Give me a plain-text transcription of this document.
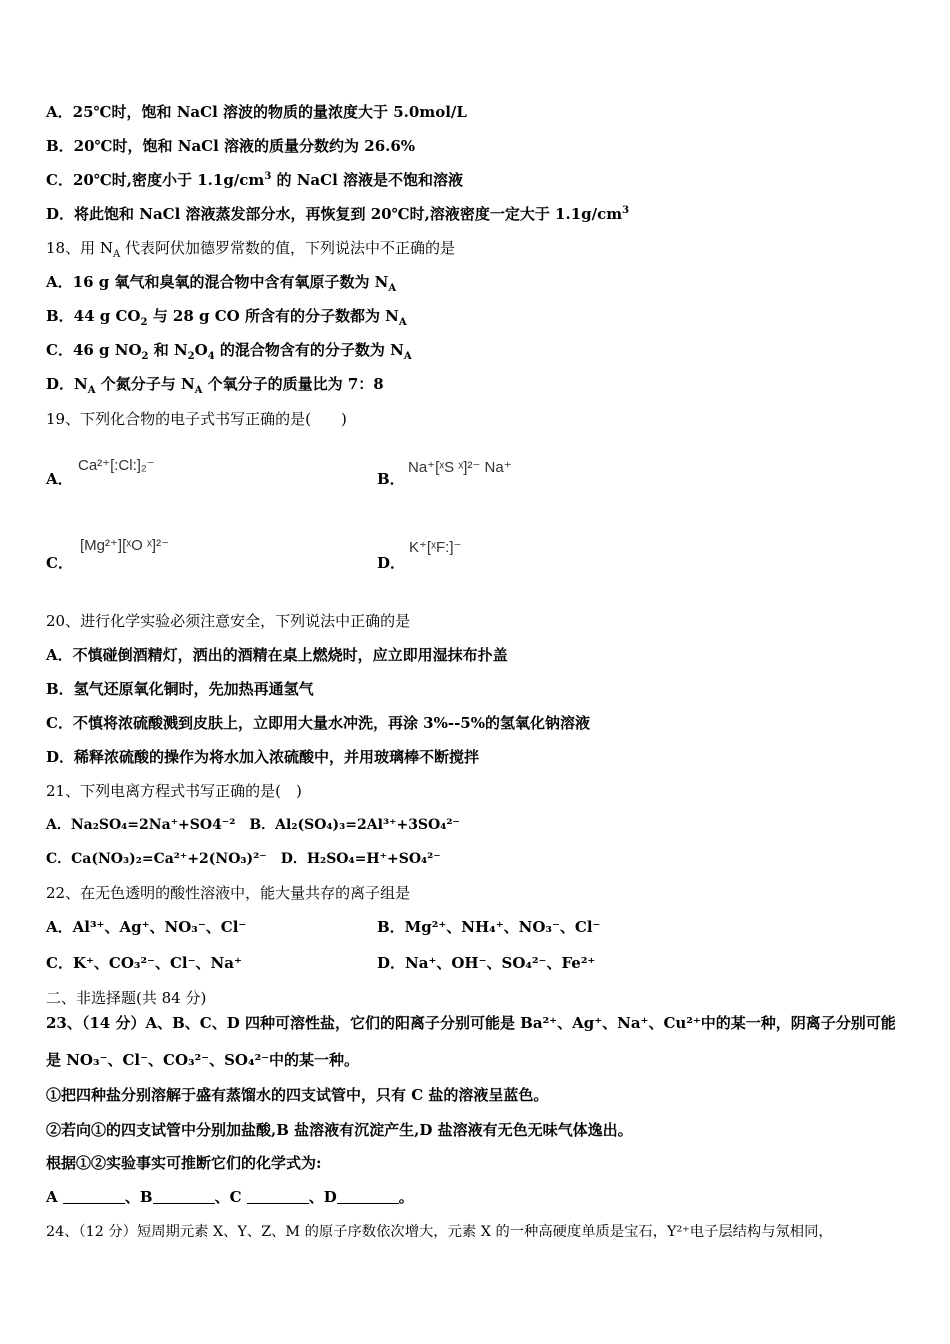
A．25℃时，饱和 NaCl 溶波的物质的量浓度大于 5.0mol/L
B．20℃时，饱和 NaCl 溶液的质量分数约为 26.6%
C．20℃时,密度小于 $1.1g/cm^3$ 的 NaCl 溶液是不饱和溶液
D．将此饱和 NaCl 溶液蒸发部分水，再恢复到 20℃时,溶液密度一定大于 $1.1g/cm^3$
18、用 $N_A$ 代表阿伏加德罗常数的值，下列说法中不正确的是
A．16 g 氧气和臭氧的混合物中含有氧原子数为 $N_A$
B．44 g $CO_2$ 与 28 g CO 所含有的分子数都为 $N_A$
C．46 g $NO_2$ 和 $N_2O_4$ 的混合物含有的分子数为 $N_A$
D．$N_A$ 个氮分子与 $N_A$ 个氧分子的质量比为 7：8
19、下列化合物的电子式书写正确的是(　　)
A．
Ca²⁺[:Cl:]₂⁻
B．
Na⁺[ˣS ˣ]²⁻ Na⁺
C．
[Mg²⁺][ˣO ˣ]²⁻
D．
K⁺[ˣF:]⁻
20、进行化学实验必须注意安全，下列说法中正确的是
A．不慎碰倒酒精灯，洒出的酒精在桌上燃烧时，应立即用湿抹布扑盖
B．氢气还原氧化铜时，先加热再通氢气
C．不慎将浓硫酸溅到皮肤上，立即用大量水冲洗，再涂 3%--5%的氢氧化钠溶液
D．稀释浓硫酸的操作为将水加入浓硫酸中，并用玻璃棒不断搅拌
21、下列电离方程式书写正确的是(　)
A．Na₂SO₄=2Na⁺+SO4⁻²　B．Al₂(SO₄)₃=2Al³⁺+3SO₄²⁻
C．Ca(NO₃)₂=Ca²⁺+2(NO₃)²⁻　D．H₂SO₄=H⁺+SO₄²⁻
22、在无色透明的酸性溶液中，能大量共存的离子组是
A．Al³⁺、Ag⁺、NO₃⁻、Cl⁻	B．Mg²⁺、NH₄⁺、NO₃⁻、Cl⁻
C．K⁺、CO₃²⁻、Cl⁻、Na⁺	D．Na⁺、OH⁻、SO₄²⁻、Fe²⁺
二、非选择题(共 84 分)
23、（14 分）A、B、C、D 四种可溶性盐，它们的阳离子分别可能是 Ba²⁺、Ag⁺、Na⁺、Cu²⁺中的某一种，阴离子分别可能
是 NO₃⁻、Cl⁻、CO₃²⁻、SO₄²⁻中的某一种。
①把四种盐分别溶解于盛有蒸馏水的四支试管中，只有 C 盐的溶液呈蓝色。
②若向①的四支试管中分别加盐酸,B 盐溶液有沉淀产生,D 盐溶液有无色无味气体逸出。
根据①②实验事实可推断它们的化学式为:
A	、B	、C	、D	。
24、（12 分）短周期元素 X、Y、Z、M 的原子序数依次增大，元素 X 的一种高硬度单质是宝石，Y²⁺电子层结构与氖相同，
